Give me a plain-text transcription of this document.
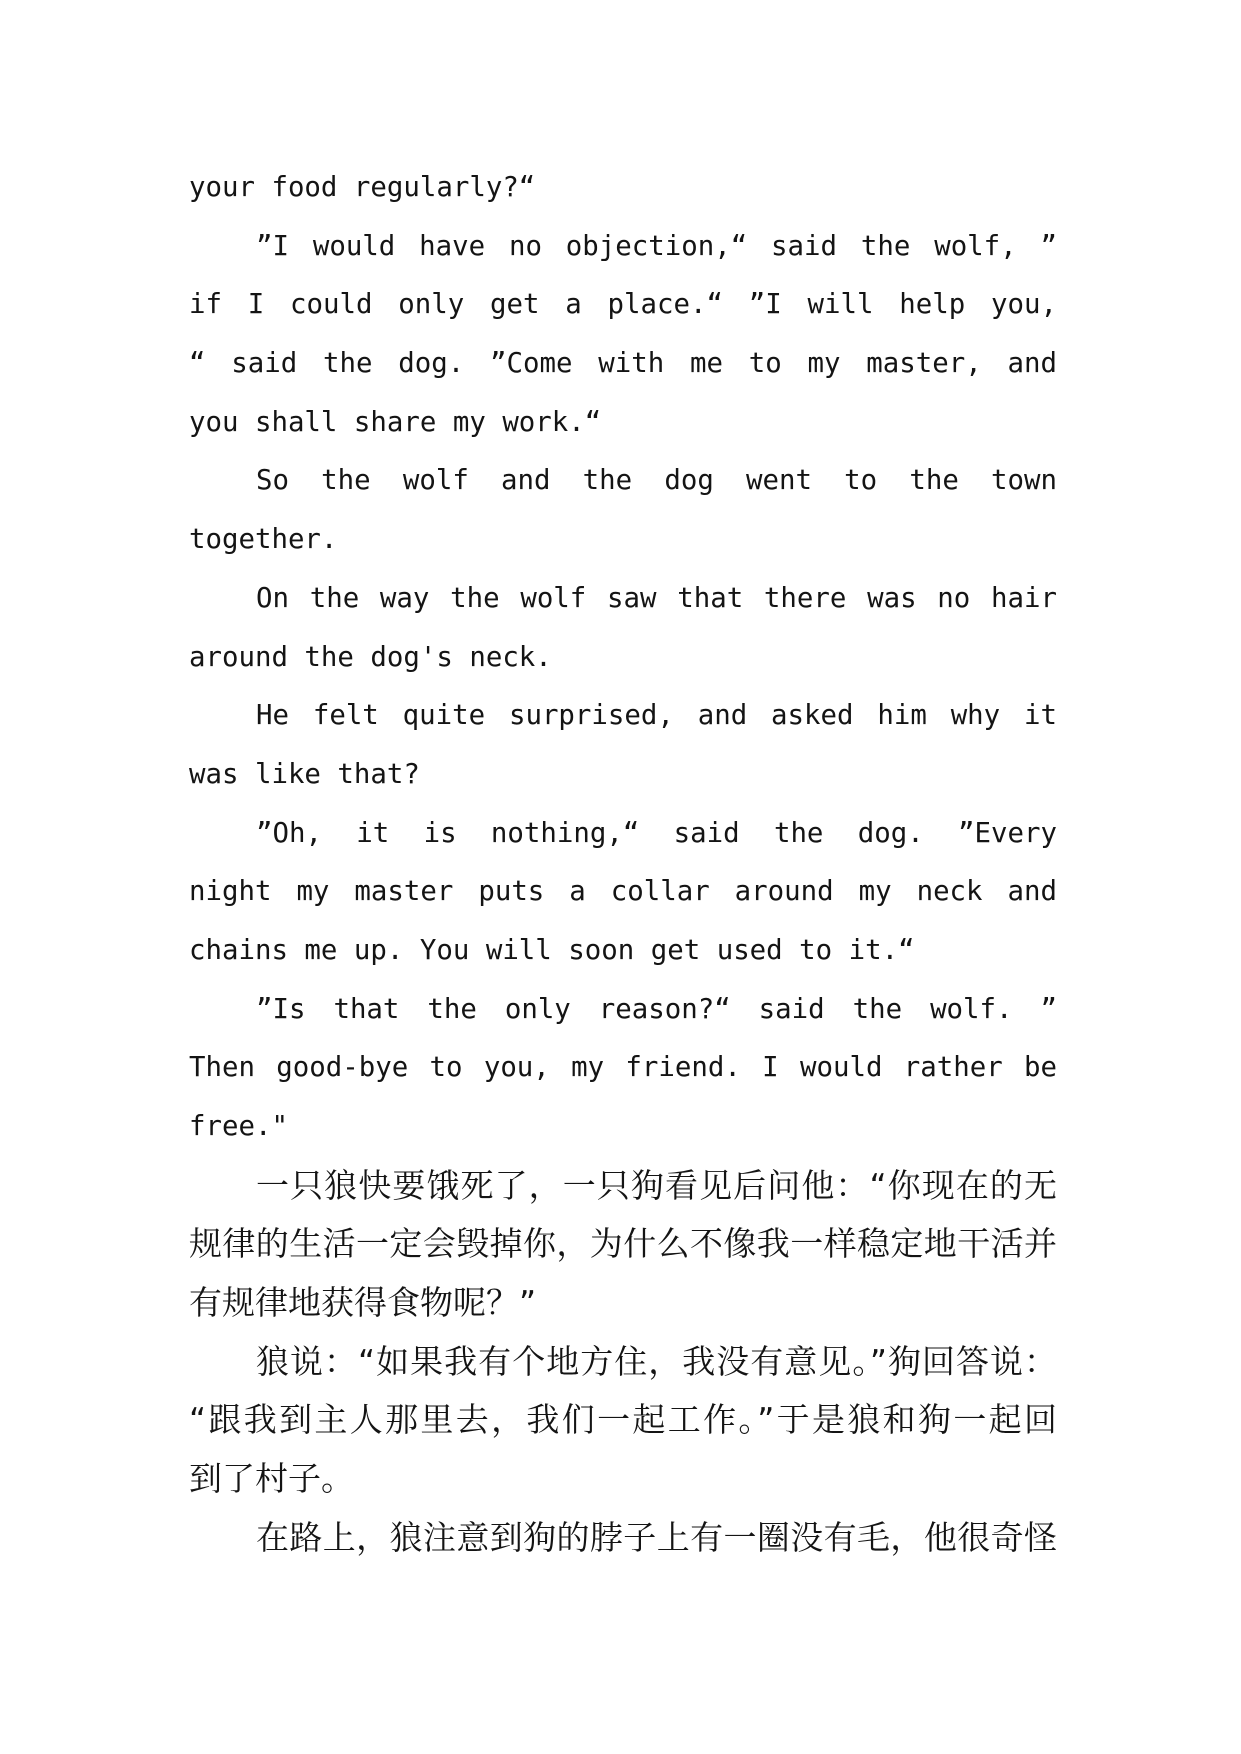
your food regularly?“
”I would have no objection,“ said the wolf, ”
if I could only get a place.“ ”I will help you,
“ said the dog. ”Come with me to my master, and
you shall share my work.“
So the wolf and the dog went to the town
together.
On the way the wolf saw that there was no hair
around the dog's neck.
He felt quite surprised, and asked him why it
was like that?
”Oh, it is nothing,“ said the dog. ”Every
night my master puts a collar around my neck and
chains me up. You will soon get used to it.“
”Is that the only reason?“ said the wolf. ”
Then good-bye to you, my friend. I would rather be
free."
一只狼快要饿死了，一只狗看见后问他：“你现在的无
规律的生活一定会毁掉你，为什么不像我一样稳定地干活并
有规律地获得食物呢？”
狼说：“如果我有个地方住，我没有意见。”狗回答说：
“跟我到主人那里去，我们一起工作。”于是狼和狗一起回
到了村子。
在路上，狼注意到狗的脖子上有一圈没有毛，他很奇怪
